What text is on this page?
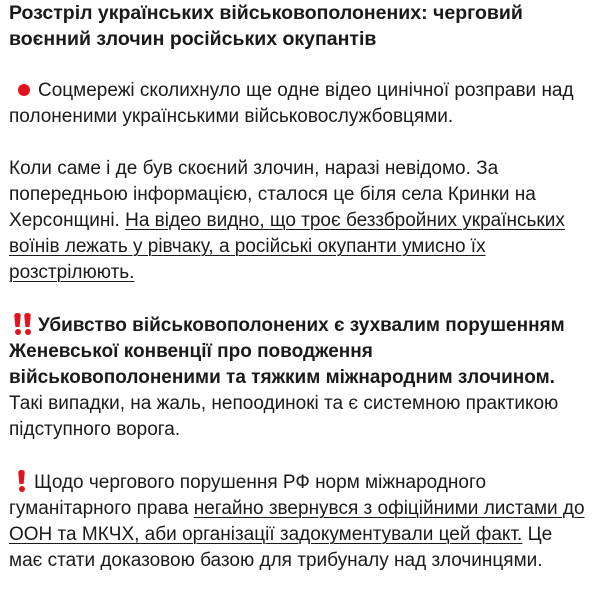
Розстріл українських військовополонених: черговий воєнний злочин російських окупантів

Соцмережі сколихнуло ще одне відео цинічної розправи над полоненими українськими військовослужбовцями.

Коли саме і де був скоєний злочин, наразі невідомо. За попередньою інформацією, сталося це біля села Кринки на Херсонщині. На відео видно, що троє беззбройних українських воїнів лежать у рівчаку, а російські окупанти умисно їх розстрілюють.

Убивство військовополонених є зухвалим порушенням Женевської конвенції про поводження військовополоненими та тяжким міжнародним злочином. Такі випадки, на жаль, непоодинокі та є системною практикою підступного ворога.

Щодо чергового порушення РФ норм міжнародного гуманітарного права негайно звернувся з офіційними листами до ООН та МКЧХ, аби організації задокументували цей факт. Це має стати доказовою базою для трибуналу над злочинцями.
